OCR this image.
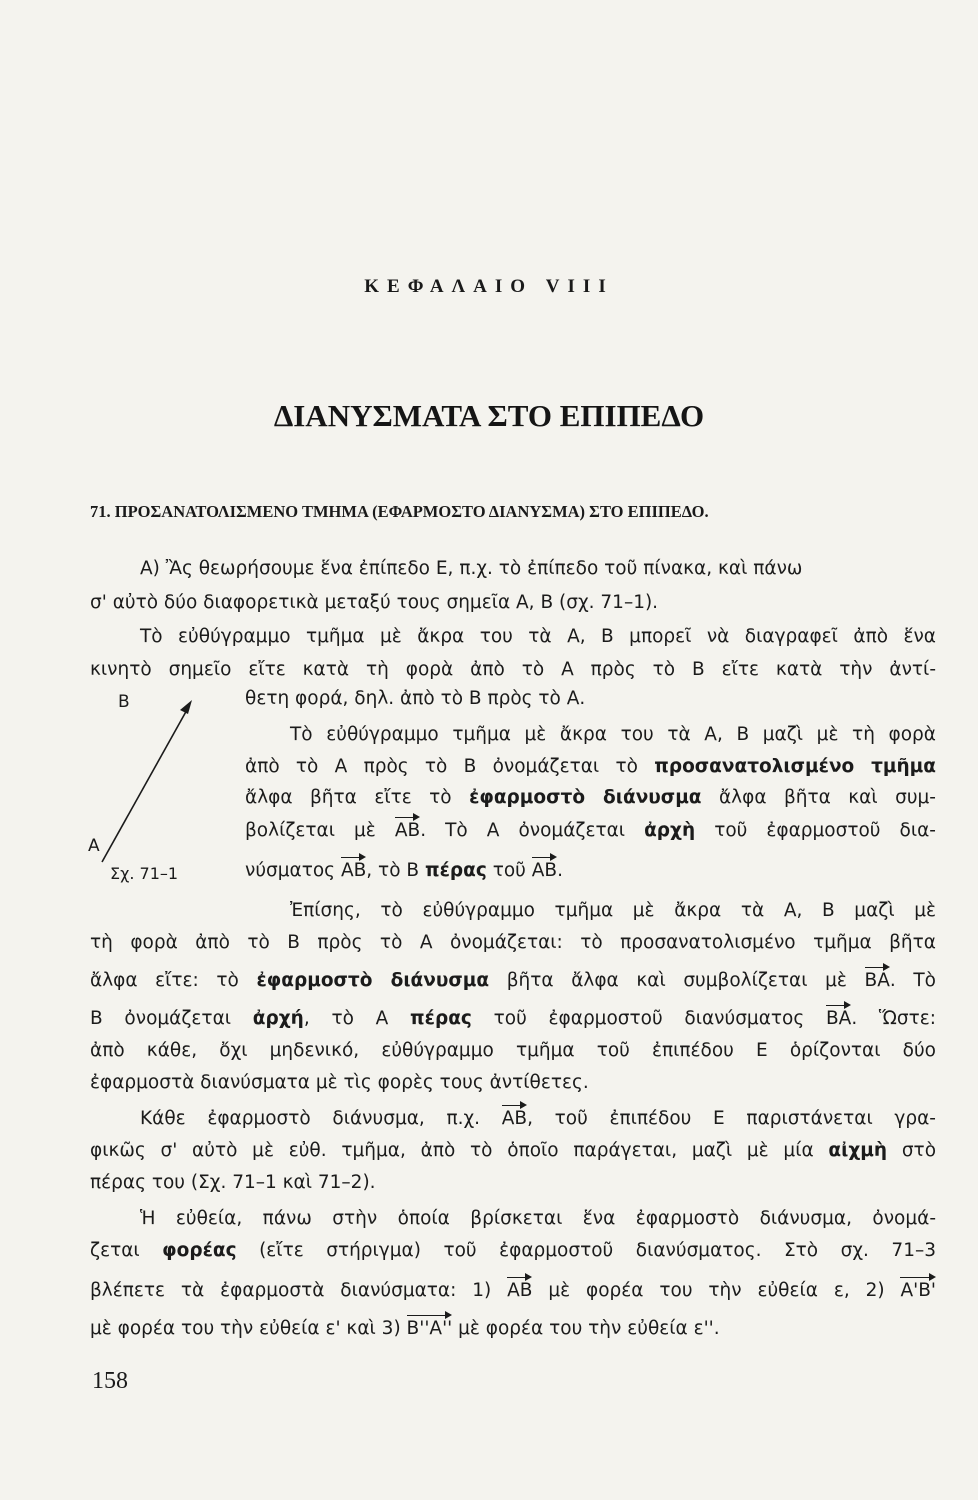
ΚΕΦΑΛΑΙΟ VIII
ΔΙΑΝΥΣΜΑΤΑ ΣΤΟ ΕΠΙΠΕΔΟ
71. ΠΡΟΣΑΝΑΤΟΛΙΣΜΕΝΟ ΤΜΗΜΑ (ΕΦΑΡΜΟΣΤΟ ΔΙΑΝΥΣΜΑ) ΣΤΟ ΕΠΙΠΕΔΟ.
Α) Ἂς θεωρήσουμε ἕνα ἐπίπεδο Ε, π.χ. τὸ ἐπίπεδο τοῦ πίνακα, καὶ πάνω
σ' αὐτὸ δύο διαφορετικὰ μεταξύ τους σημεῖα Α, Β (σχ. 71–1).
Τὸ εὐθύγραμμο τμῆμα μὲ ἄκρα του τὰ Α, Β μπορεῖ νὰ διαγραφεῖ ἀπὸ ἕνα
κινητὸ σημεῖο εἴτε κατὰ τὴ φορὰ ἀπὸ τὸ Α πρὸς τὸ Β εἴτε κατὰ τὴν ἀντί-
θετη φορά, δηλ. ἀπὸ τὸ Β πρὸς τὸ Α.
Β
Α
Σχ. 71–1
Τὸ εὐθύγραμμο τμῆμα μὲ ἄκρα του τὰ Α, Β μαζὶ μὲ τὴ φορὰ
ἀπὸ τὸ Α πρὸς τὸ Β ὀνομάζεται τὸ προσανατολισμένο τμῆμα
ἄλφα βῆτα εἴτε τὸ ἐφαρμοστὸ διάνυσμα ἄλφα βῆτα καὶ συμ-
βολίζεται μὲ ΑΒ. Τὸ Α ὀνομάζεται ἀρχὴ τοῦ ἐφαρμοστοῦ δια-
νύσματος ΑΒ, τὸ Β πέρας τοῦ ΑΒ.
Ἐπίσης, τὸ εὐθύγραμμο τμῆμα μὲ ἄκρα τὰ Α, Β μαζὶ μὲ
τὴ φορὰ ἀπὸ τὸ Β πρὸς τὸ Α ὀνομάζεται: τὸ προσανατολισμένο τμῆμα βῆτα
ἄλφα εἴτε: τὸ ἐφαρμοστὸ διάνυσμα βῆτα ἄλφα καὶ συμβολίζεται μὲ ΒΑ. Τὸ
Β ὀνομάζεται ἀρχή, τὸ Α πέρας τοῦ ἐφαρμοστοῦ διανύσματος ΒΑ. Ὥστε:
ἀπὸ κάθε, ὄχι μηδενικό, εὐθύγραμμο τμῆμα τοῦ ἐπιπέδου Ε ὁρίζονται δύο
ἐφαρμοστὰ διανύσματα μὲ τὶς φορὲς τους ἀντίθετες.
Κάθε ἐφαρμοστὸ διάνυσμα, π.χ. ΑΒ, τοῦ ἐπιπέδου Ε παριστάνεται γρα-
φικῶς σ' αὐτὸ μὲ εὐθ. τμῆμα, ἀπὸ τὸ ὁποῖο παράγεται, μαζὶ μὲ μία αἰχμὴ στὸ
πέρας του (Σχ. 71–1 καὶ 71–2).
Ἡ εὐθεία, πάνω στὴν ὁποία βρίσκεται ἕνα ἐφαρμοστὸ διάνυσμα, ὀνομά-
ζεται φορέας (εἴτε στήριγμα) τοῦ ἐφαρμοστοῦ διανύσματος. Στὸ σχ. 71–3
βλέπετε τὰ ἐφαρμοστὰ διανύσματα: 1) ΑΒ μὲ φορέα του τὴν εὐθεία ε, 2) Α'Β'
μὲ φορέα του τὴν εὐθεία ε' καὶ 3) Β''Α'' μὲ φορέα του τὴν εὐθεία ε''.
158
